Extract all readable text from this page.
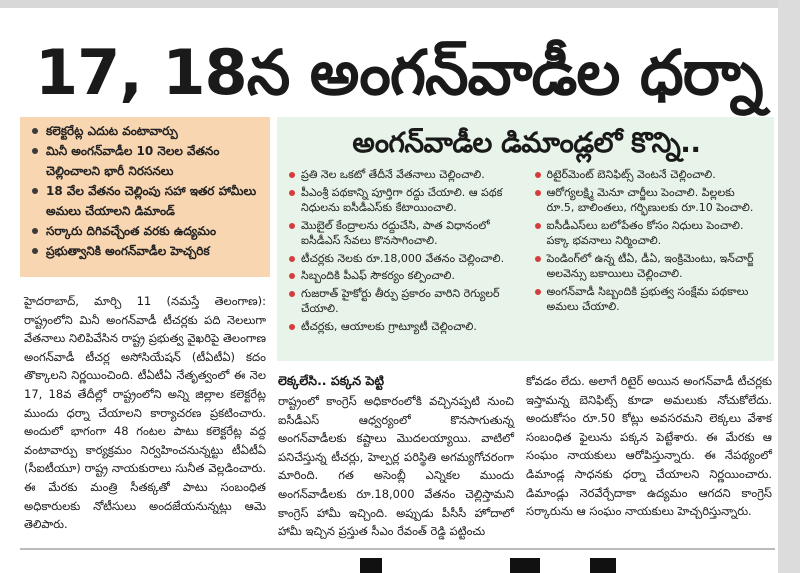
17, 18న అంగన్‌వాడీల ధర్నా
కలెక్టరేట్ల ఎదుట వంటావార్పు
మినీ అంగన్‌వాడీల 10 నెలల వేతనం చెల్లించాలని భారీ నిరసనలు
18 వేల వేతనం చెల్లింపు సహా ఇతర హామీలు అమలు చేయాలని డిమాండ్
సర్కారు దిగివచ్చేంత వరకు ఉద్యమం
ప్రభుత్వానికి అంగన్‌వాడీల హెచ్చరిక
అంగన్‌వాడీల డిమాండ్లలో కొన్ని..
ప్రతి నెల ఒకటో తేదీనే వేతనాలు చెల్లించాలి.
పీఎంశ్రీ పథకాన్ని పూర్తిగా రద్దు చేయాలి. ఆ పథక నిధులను ఐసీడీఎస్‌కు కేటాయించాలి.
మొబైల్ కేంద్రాలను రద్దుచేసి, పాత విధానంలో ఐసీడీఎస్ సేవలు కొనసాగించాలి.
టీచర్లకు నెలకు రూ.18,000 వేతనం చెల్లించాలి.
సిబ్బందికి పీఎఫ్ సౌకర్యం కల్పించాలి.
గుజరాత్ హైకోర్టు తీర్పు ప్రకారం వారిని రెగ్యులర్ చేయాలి.
టీచర్లకు, ఆయాలకు గ్రాట్యూటీ చెల్లించాలి.
రిటైర్‌మెంట్ బెనిఫిట్స్ వెంటనే చెల్లించాలి.
ఆరోగ్యలక్ష్మి మెనూ చార్జీలు పెంచాలి. పిల్లలకు రూ.5, బాలింతలు, గర్భిణులకు రూ.10 పెంచాలి.
ఐసీడీఎస్‌లు బలోపేతం కోసం నిధులు పెంచాలి. పక్కా భవనాలు నిర్మించాలి.
పెండింగ్‌లో ఉన్న టీఏ, డీఏ, ఇంక్రిమెంటు, ఇన్‌చార్జ్ అలవెన్సు బకాయిలు చెల్లించాలి.
అంగన్‌వాడీ సిబ్బందికి ప్రభుత్వ సంక్షేమ పథకాలు అమలు చేయాలి.
హైదరాబాద్, మార్చి 11 (నమస్తే తెలంగాణ): రాష్ట్రంలోని మినీ అంగన్‌వాడీ టీచర్లకు పది నెలలుగా వేతనాలు నిలిపివేసిన రాష్ట్ర ప్రభుత్వ వైఖరిపై తెలంగాణ అంగన్‌వాడీ టీచర్ల అసోసియేషన్ (టీఏటీఏ) కదం తొక్కాలని నిర్ణయించింది. టీఏటీఏ నేతృత్వంలో ఈ నెల 17, 18వ తేదీల్లో రాష్ట్రంలోని అన్ని జిల్లాల కలెక్టరేట్ల ముందు ధర్నా చేయాలని కార్యాచరణ ప్రకటించారు. అందులో భాగంగా 48 గంటల పాటు కలెక్టరేట్ల వద్ద వంటావార్పు కార్యక్రమం నిర్వహించనున్నట్టు టీఏటీఏ (సీఐటీయూ) రాష్ట్ర నాయకురాలు సునీత వెల్లడించారు. ఈ మేరకు మంత్రి సీతక్కతో పాటు సంబంధిత అధికారులకు నోటీసులు అందజేయనున్నట్లు ఆమె తెలిపారు.
లెక్కలేసి.. పక్కన పెట్టి
రాష్ట్రంలో కాంగ్రెస్ అధికారంలోకి వచ్చినప్పటి నుంచి ఐసీడీఎస్ ఆధ్వర్యంలో కొనసాగుతున్న అంగన్‌వాడీలకు కష్టాలు మొదలయ్యాయి. వాటిలో పనిచేస్తున్న టీచర్లు, హెల్పర్ల పరిస్థితి అగమ్యగోచరంగా మారింది. గత అసెంబ్లీ ఎన్నికల ముందు అంగన్‌వాడీలకు రూ.18,000 వేతనం చెల్లిస్తామని కాంగ్రెస్ హామీ ఇచ్చింది. అప్పుడు పీసీసీ హోదాలో హామీ ఇచ్చిన ప్రస్తుత సీఎం రేవంత్ రెడ్డి పట్టించు
కోవడం లేదు. అలాగే రిటైర్ అయిన అంగన్‌వాడీ టీచర్లకు ఇస్తామన్న బెనిఫిట్స్ కూడా అమలుకు నోచుకోలేదు. అందుకోసం రూ.50 కోట్లు అవసరమని లెక్కలు వేశాక సంబంధిత ఫైలును పక్కన పెట్టేశారు. ఈ మేరకు ఆ సంఘం నాయకులు ఆరోపిస్తున్నారు. ఈ నేపథ్యంలో డిమాండ్ల సాధనకు ధర్నా చేయాలని నిర్ణయించారు. డిమాండ్లు నెరవేర్చేదాకా ఉద్యమం ఆగదని కాంగ్రెస్ సర్కారును ఆ సంఘం నాయకులు హెచ్చరిస్తున్నారు.
